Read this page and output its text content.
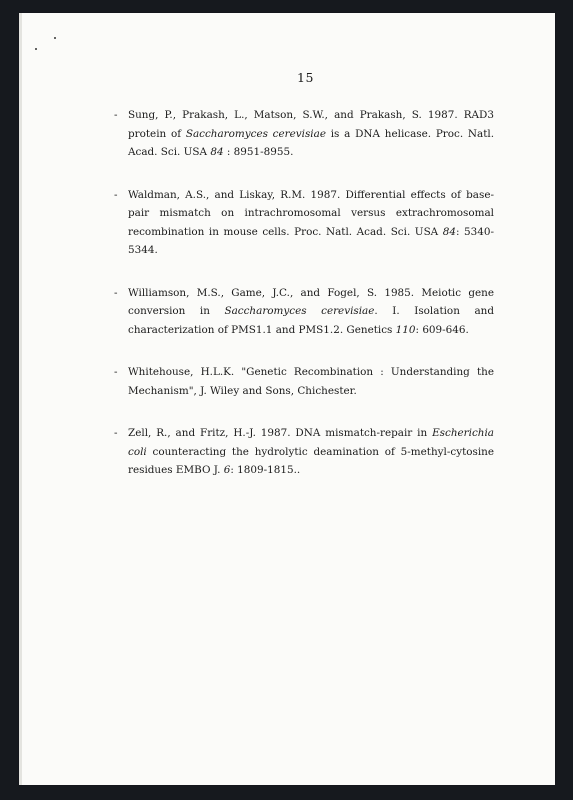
15
- Sung, P., Prakash, L., Matson, S.W., and Prakash, S. 1987. RAD3 protein of Saccharomyces cerevisiae is a DNA helicase. Proc. Natl. Acad. Sci. USA 84 : 8951-8955.
- Waldman, A.S., and Liskay, R.M. 1987. Differential effects of base-pair mismatch on intrachromosomal versus extrachromosomal recombination in mouse cells. Proc. Natl. Acad. Sci. USA 84: 5340-5344.
- Williamson, M.S., Game, J.C., and Fogel, S. 1985. Meiotic gene conversion in Saccharomyces cerevisiae. I. Isolation and characterization of PMS1.1 and PMS1.2. Genetics 110: 609-646.
- Whitehouse, H.L.K. "Genetic Recombination : Understanding the Mechanism", J. Wiley and Sons, Chichester.
- Zell, R., and Fritz, H.-J. 1987. DNA mismatch-repair in Escherichia coli counteracting the hydrolytic deamination of 5-methyl-cytosine residues EMBO J. 6: 1809-1815..
